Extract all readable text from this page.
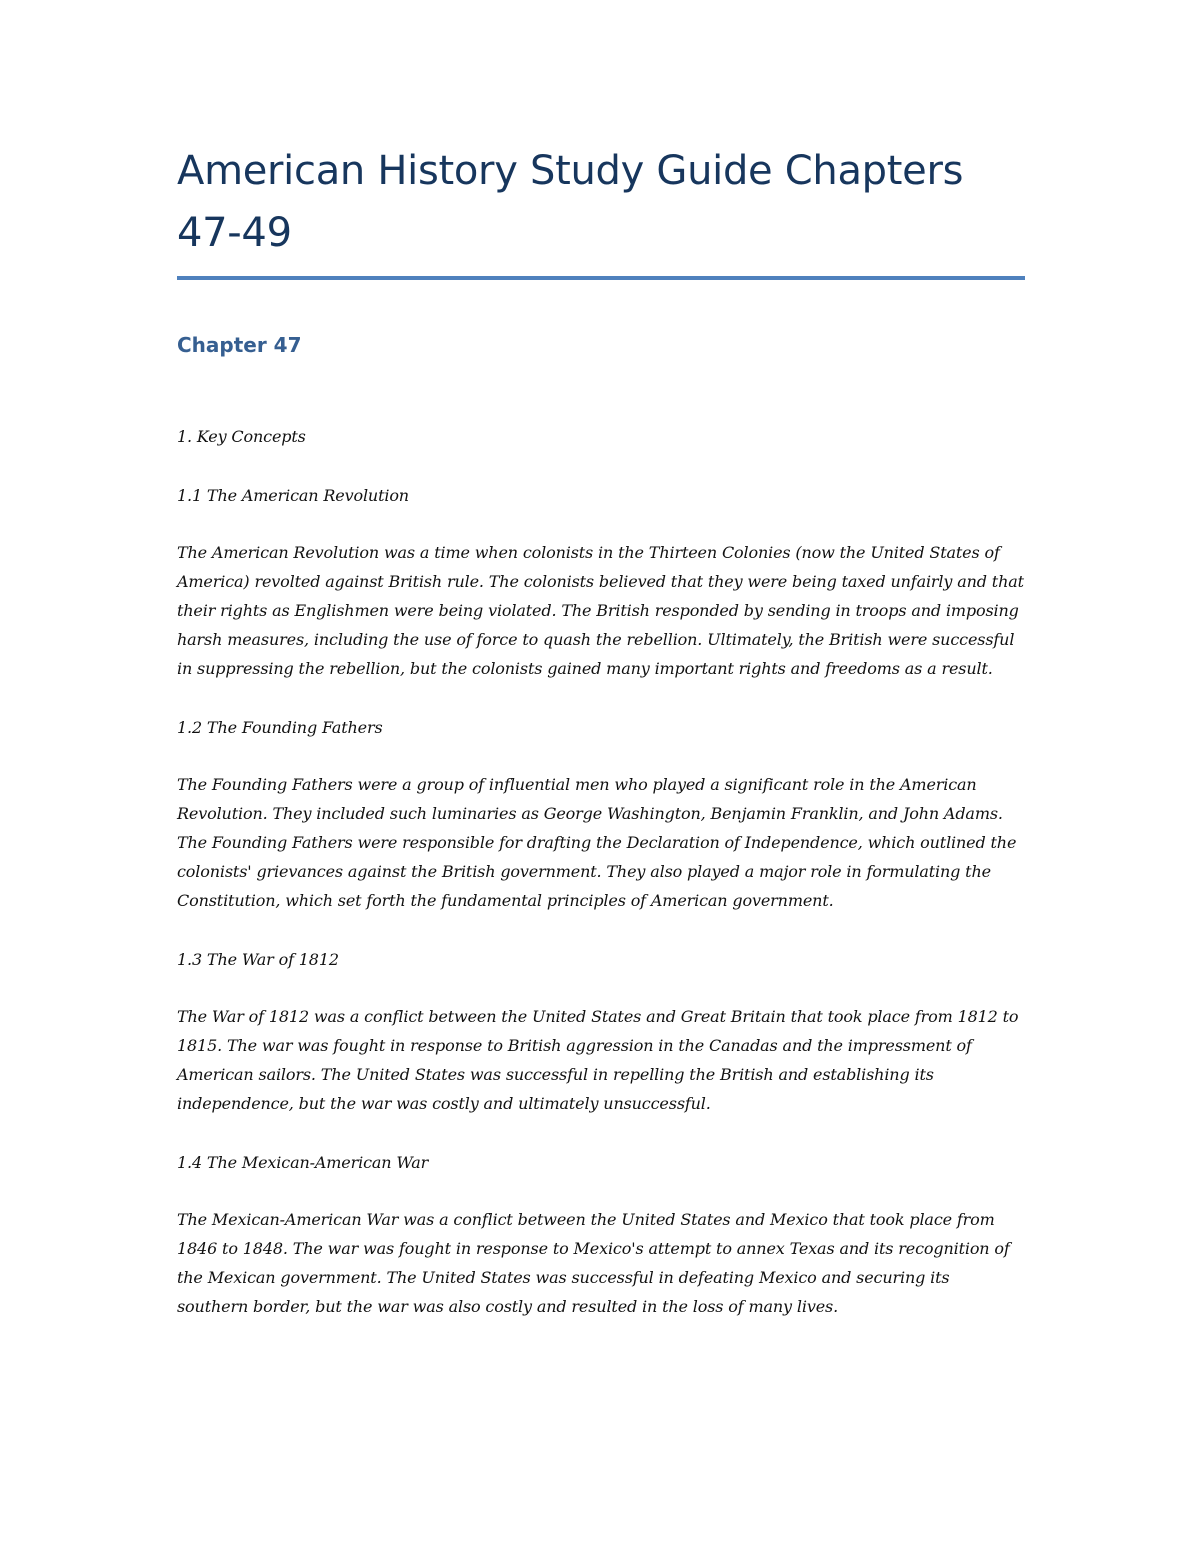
American History Study Guide Chapters 47-49
Chapter 47

1. Key Concepts

1.1 The American Revolution

The American Revolution was a time when colonists in the Thirteen Colonies (now the United States of America) revolted against British rule. The colonists believed that they were being taxed unfairly and that their rights as Englishmen were being violated. The British responded by sending in troops and imposing harsh measures, including the use of force to quash the rebellion. Ultimately, the British were successful in suppressing the rebellion, but the colonists gained many important rights and freedoms as a result.

1.2 The Founding Fathers

The Founding Fathers were a group of influential men who played a significant role in the American Revolution. They included such luminaries as George Washington, Benjamin Franklin, and John Adams. The Founding Fathers were responsible for drafting the Declaration of Independence, which outlined the colonists' grievances against the British government. They also played a major role in formulating the Constitution, which set forth the fundamental principles of American government.

1.3 The War of 1812

The War of 1812 was a conflict between the United States and Great Britain that took place from 1812 to 1815. The war was fought in response to British aggression in the Canadas and the impressment of American sailors. The United States was successful in repelling the British and establishing its independence, but the war was costly and ultimately unsuccessful.

1.4 The Mexican-American War

The Mexican-American War was a conflict between the United States and Mexico that took place from 1846 to 1848. The war was fought in response to Mexico's attempt to annex Texas and its recognition of the Mexican government. The United States was successful in defeating Mexico and securing its southern border, but the war was also costly and resulted in the loss of many lives.
